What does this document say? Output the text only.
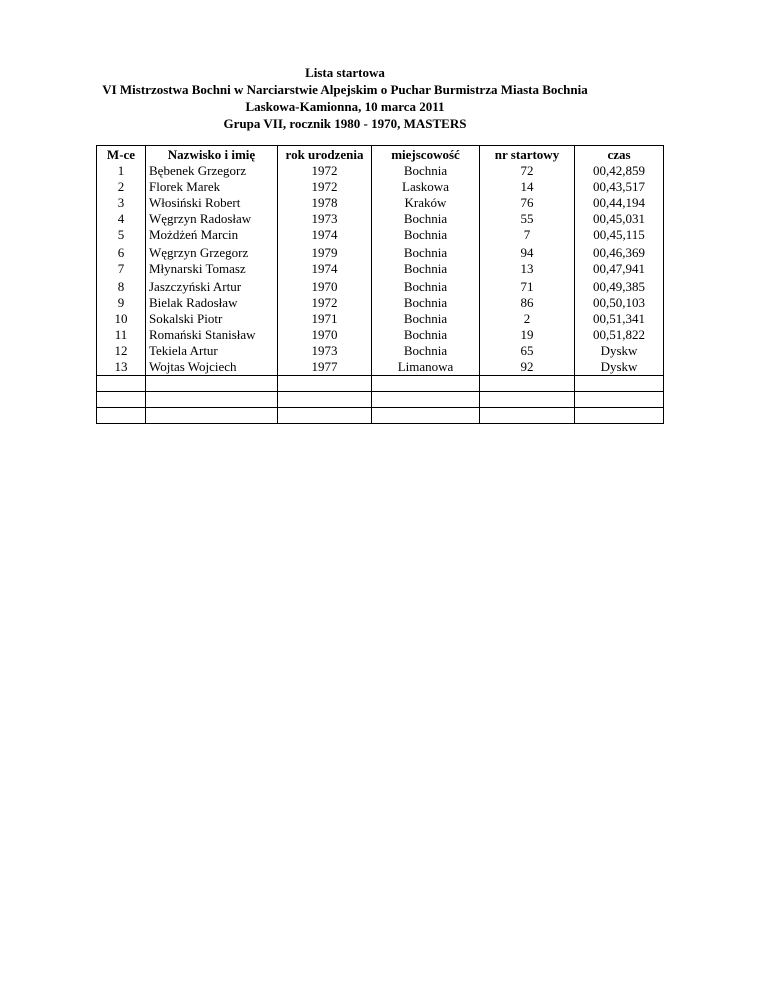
Lista startowa
VI Mistrzostwa Bochni w Narciarstwie Alpejskim o Puchar Burmistrza Miasta Bochnia
Laskowa-Kamionna, 10 marca 2011
Grupa VII, rocznik 1980 - 1970, MASTERS
M-ce	Nazwisko i imię	rok urodzenia	miejscowość	nr startowy	czas
1	Bębenek Grzegorz	1972	Bochnia	72	00,42,859
2	Florek Marek	1972	Laskowa	14	00,43,517
3	Włosiński Robert	1978	Kraków	76	00,44,194
4	Węgrzyn Radosław	1973	Bochnia	55	00,45,031
5	Możdżeń Marcin	1974	Bochnia	7	00,45,115
6	Węgrzyn Grzegorz	1979	Bochnia	94	00,46,369
7	Młynarski Tomasz	1974	Bochnia	13	00,47,941
8	Jaszczyński Artur	1970	Bochnia	71	00,49,385
9	Bielak Radosław	1972	Bochnia	86	00,50,103
10	Sokalski Piotr	1971	Bochnia	2	00,51,341
11	Romański Stanisław	1970	Bochnia	19	00,51,822
12	Tekiela Artur	1973	Bochnia	65	Dyskw
13	Wojtas Wojciech	1977	Limanowa	92	Dyskw
